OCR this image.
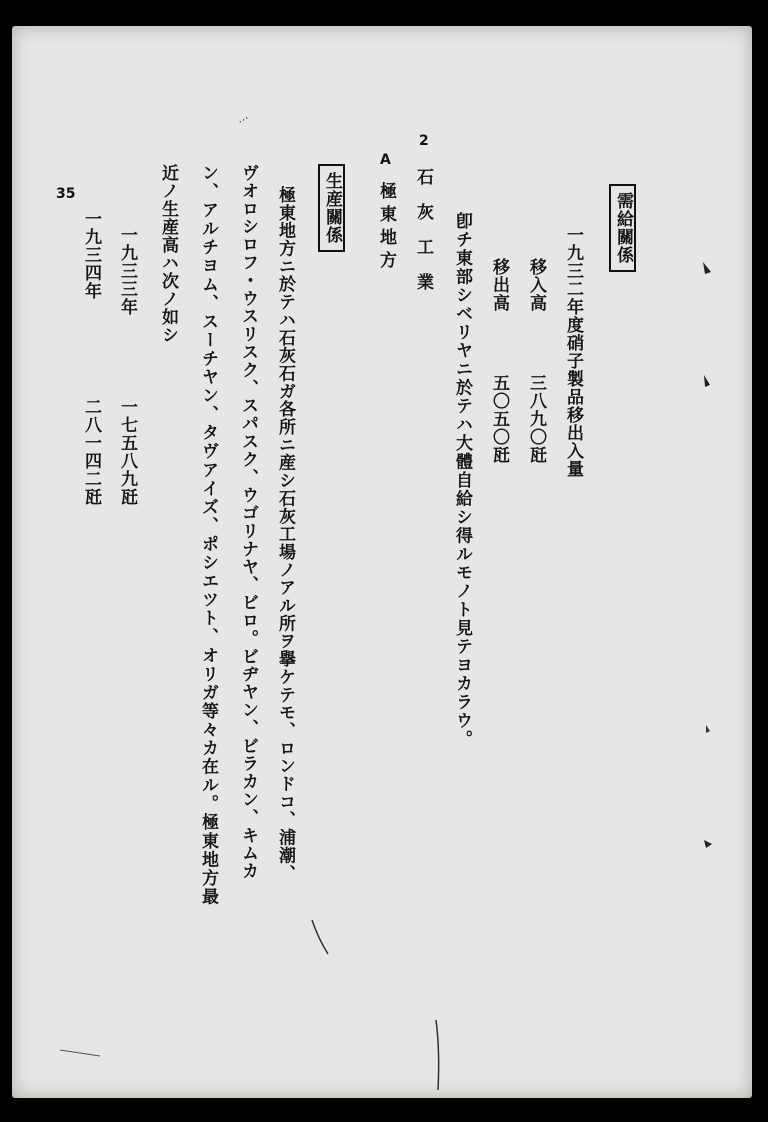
35
...
需給關係
一九三二年度硝子製品移出入量
移入高
三八九〇瓩
移出高
五〇五〇瓩
卽チ東部シベリヤニ於テハ大體自給シ得ルモノト見テヨカラウ。
2
石灰工業
A
極東地方
生産關係
極東地方ニ於テハ石灰石ガ各所ニ産シ石灰工場ノアル所ヲ擧ケテモ、ロンドコ、浦潮、
ヴオロシロフ・ウスリスク、スパスク、ウゴリナヤ、ビロ。ビヂヤン、ビラカン、キムカ
ン、アルチヨム、スーチヤン、タヴアイズ、ポシエツト、オリガ等々カ在ル。極東地方最
近ノ生産高ハ次ノ如シ
一九三三年
一七五八九瓩
一九三四年
二八一四二瓩
